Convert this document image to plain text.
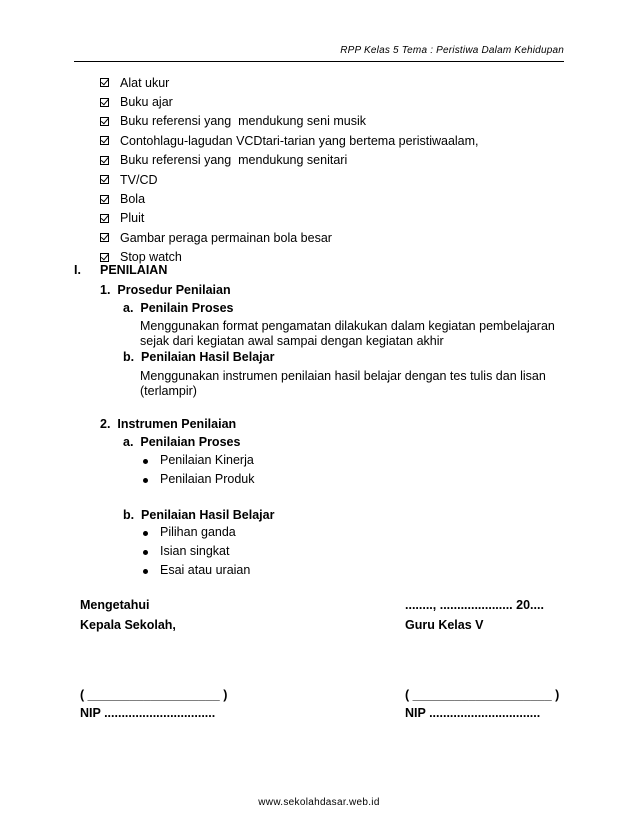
RPP Kelas 5 Tema : Peristiwa Dalam Kehidupan
Alat ukur
Buku ajar
Buku referensi yang  mendukung seni musik
Contohlagu-lagudan VCDtari-tarian yang bertema peristiwaalam,
Buku referensi yang  mendukung senitari
TV/CD
Bola
Pluit
Gambar peraga permainan bola besar
Stop watch
I. PENILAIAN
1.  Prosedur Penilaian
a.  Penilain Proses
Menggunakan format pengamatan dilakukan dalam kegiatan pembelajaran
sejak dari kegiatan awal sampai dengan kegiatan akhir
b.  Penilaian Hasil Belajar
Menggunakan instrumen penilaian hasil belajar dengan tes tulis dan lisan
(terlampir)
2.  Instrumen Penilaian
a.  Penilaian Proses
Penilaian Kinerja
Penilaian Produk
b.  Penilaian Hasil Belajar
Pilihan ganda
Isian singkat
Esai atau uraian
Mengetahui
Kepala Sekolah,
( ___________________ )
NIP ................................
........, ..................... 20....
Guru Kelas V
( ____________________ )
NIP ................................
www.sekolahdasar.web.id
